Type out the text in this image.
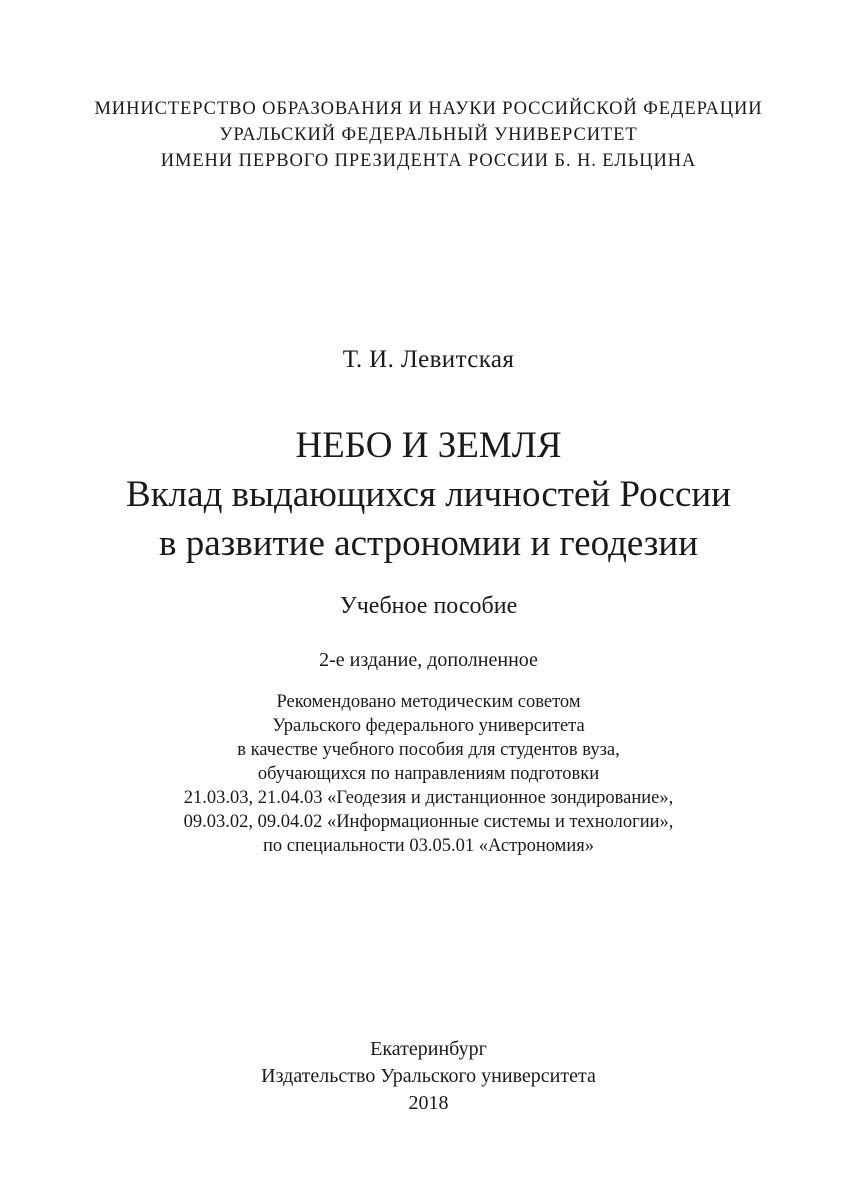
МИНИСТЕРСТВО ОБРАЗОВАНИЯ И НАУКИ РОССИЙСКОЙ ФЕДЕРАЦИИ
УРАЛЬСКИЙ ФЕДЕРАЛЬНЫЙ УНИВЕРСИТЕТ
ИМЕНИ ПЕРВОГО ПРЕЗИДЕНТА РОССИИ Б. Н. ЕЛЬЦИНА
Т. И. Левитская
НЕБО И ЗЕМЛЯ
Вклад выдающихся личностей России
в развитие астрономии и геодезии
Учебное пособие
2-е издание, дополненное
Рекомендовано методическим советом
Уральского федерального университета
в качестве учебного пособия для студентов вуза,
обучающихся по направлениям подготовки
21.03.03, 21.04.03 «Геодезия и дистанционное зондирование»,
09.03.02, 09.04.02 «Информационные системы и технологии»,
по специальности 03.05.01 «Астрономия»
Екатеринбург
Издательство Уральского университета
2018
